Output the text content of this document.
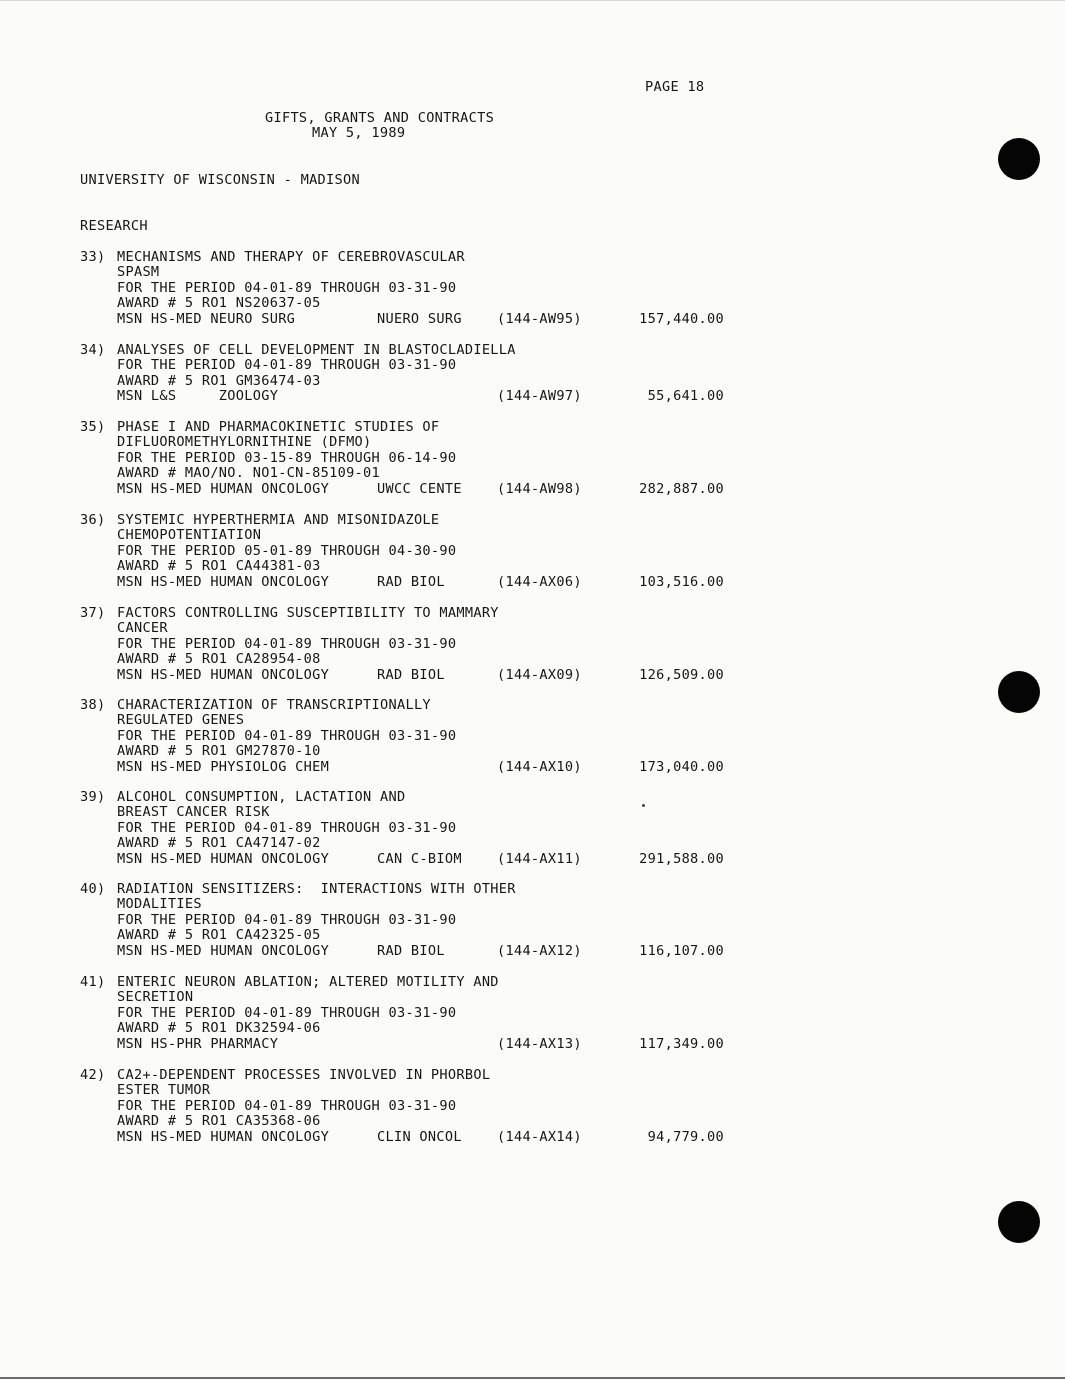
PAGE 18
GIFTS, GRANTS AND CONTRACTS
MAY 5, 1989
UNIVERSITY OF WISCONSIN - MADISON
RESEARCH
33) MECHANISMS AND THERAPY OF CEREBROVASCULAR
SPASM
FOR THE PERIOD 04-01-89 THROUGH 03-31-90
AWARD # 5 RO1 NS20637-05
MSN HS-MED NEURO SURG	NUERO SURG	(144-AW95)	157,440.00
34) ANALYSES OF CELL DEVELOPMENT IN BLASTOCLADIELLA
FOR THE PERIOD 04-01-89 THROUGH 03-31-90
AWARD # 5 RO1 GM36474-03
MSN L&S     ZOOLOGY	(144-AW97)	55,641.00
35) PHASE I AND PHARMACOKINETIC STUDIES OF
DIFLUOROMETHYLORNITHINE (DFMO)
FOR THE PERIOD 03-15-89 THROUGH 06-14-90
AWARD # MAO/NO. NO1-CN-85109-01
MSN HS-MED HUMAN ONCOLOGY	UWCC CENTE	(144-AW98)	282,887.00
36) SYSTEMIC HYPERTHERMIA AND MISONIDAZOLE
CHEMOPOTENTIATION
FOR THE PERIOD 05-01-89 THROUGH 04-30-90
AWARD # 5 RO1 CA44381-03
MSN HS-MED HUMAN ONCOLOGY	RAD BIOL	(144-AX06)	103,516.00
37) FACTORS CONTROLLING SUSCEPTIBILITY TO MAMMARY
CANCER
FOR THE PERIOD 04-01-89 THROUGH 03-31-90
AWARD # 5 RO1 CA28954-08
MSN HS-MED HUMAN ONCOLOGY	RAD BIOL	(144-AX09)	126,509.00
38) CHARACTERIZATION OF TRANSCRIPTIONALLY
REGULATED GENES
FOR THE PERIOD 04-01-89 THROUGH 03-31-90
AWARD # 5 RO1 GM27870-10
MSN HS-MED PHYSIOLOG CHEM	(144-AX10)	173,040.00
39) ALCOHOL CONSUMPTION, LACTATION AND
BREAST CANCER RISK
FOR THE PERIOD 04-01-89 THROUGH 03-31-90
AWARD # 5 RO1 CA47147-02
MSN HS-MED HUMAN ONCOLOGY	CAN C-BIOM	(144-AX11)	291,588.00
40) RADIATION SENSITIZERS:  INTERACTIONS WITH OTHER
MODALITIES
FOR THE PERIOD 04-01-89 THROUGH 03-31-90
AWARD # 5 RO1 CA42325-05
MSN HS-MED HUMAN ONCOLOGY	RAD BIOL	(144-AX12)	116,107.00
41) ENTERIC NEURON ABLATION; ALTERED MOTILITY AND
SECRETION
FOR THE PERIOD 04-01-89 THROUGH 03-31-90
AWARD # 5 RO1 DK32594-06
MSN HS-PHR PHARMACY	(144-AX13)	117,349.00
42) CA2+-DEPENDENT PROCESSES INVOLVED IN PHORBOL
ESTER TUMOR
FOR THE PERIOD 04-01-89 THROUGH 03-31-90
AWARD # 5 RO1 CA35368-06
MSN HS-MED HUMAN ONCOLOGY	CLIN ONCOL	(144-AX14)	94,779.00
